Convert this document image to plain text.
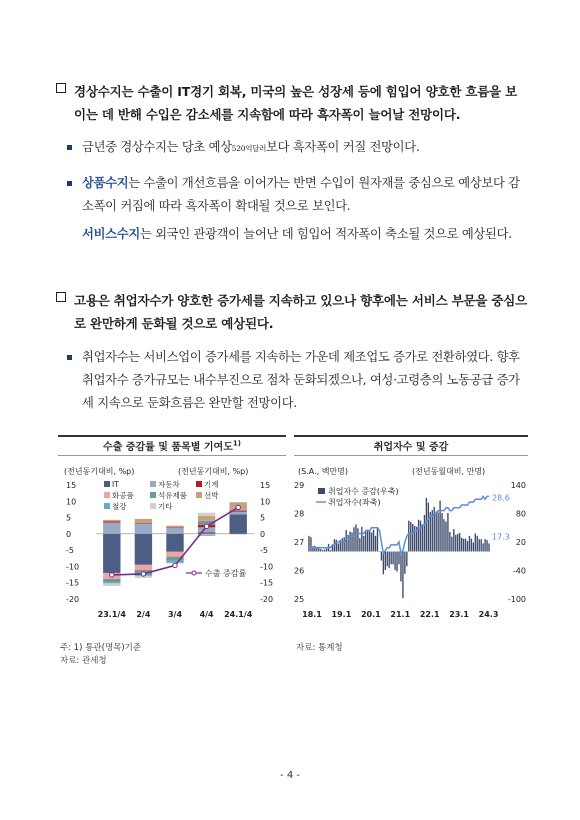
경상수지는 수출이 IT경기 회복, 미국의 높은 성장세 등에 힘입어 양호한 흐름을 보이는 데 반해 수입은 감소세를 지속함에 따라 흑자폭이 늘어날 전망이다.
금년중 경상수지는 당초 예상520억달러보다 흑자폭이 커질 전망이다.
상품수지는 수출이 개선흐름을 이어가는 반면 수입이 원자재를 중심으로 예상보다 감소폭이 커짐에 따라 흑자폭이 확대될 것으로 보인다.
서비스수지는 외국인 관광객이 늘어난 데 힘입어 적자폭이 축소될 것으로 예상된다.
고용은 취업자수가 양호한 증가세를 지속하고 있으나 향후에는 서비스 부문을 중심으로 완만하게 둔화될 것으로 예상된다.
취업자수는 서비스업이 증가세를 지속하는 가운데 제조업도 증가로 전환하였다. 향후 취업자수 증가규모는 내수부진으로 점차 둔화되겠으나, 여성·고령층의 노동공급 증가세 지속으로 둔화흐름은 완만할 전망이다.
수출 증감률 및 품목별 기여도$^{1)}$
(전년동기대비, %p)	(전년동기대비, %p)
15	15
10	10
5	5
0	0
-5	-5
-10	-10
-15	-15
-20	-20
IT	자동차	기계
화공품	석유제품 선박
철강	기타
23.1/4 2/4 3/4 4/4 24.1/4
수출 증감률
취업자수 및 증감
(S.A., 백만명)	(전년동월대비, 만명)
29
28
27
26
25
140
80
20
-40
-100
취업자수 증감(우축)
취업자수(좌축)
28.6
17.3
18.1 19.1 20.1 21.1 22.1 23.1 24.3
주: 1) 통관(명목)기준
자료: 관세청
자료: 통계청
- 4 -
